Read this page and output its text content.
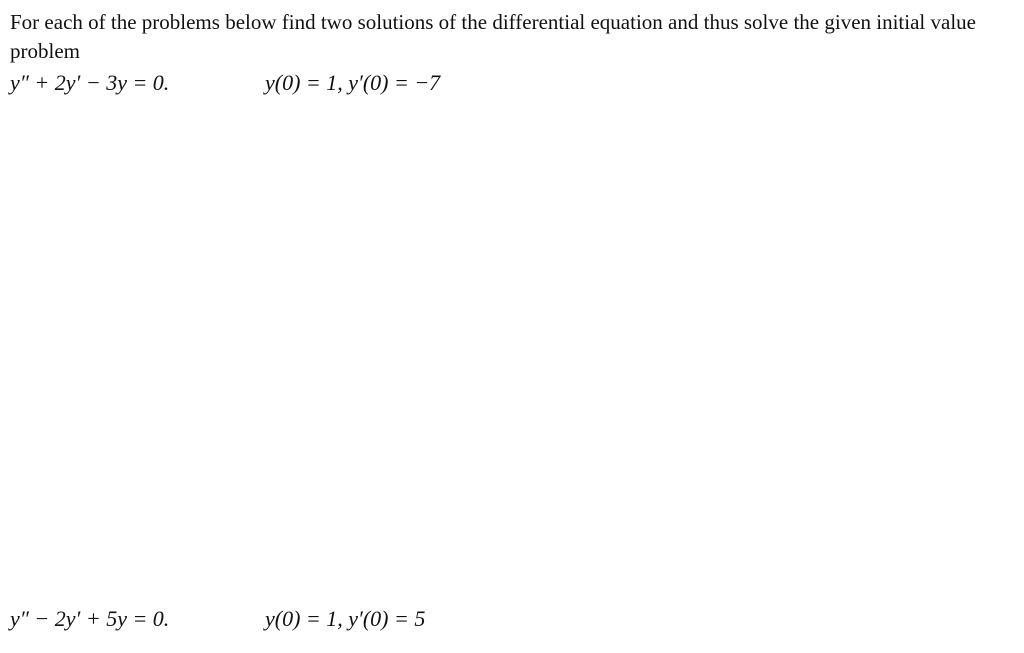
For each of the problems below find two solutions of the differential equation and thus solve the given initial value problem

y″ + 2y′ − 3y = 0.	y(0) = 1, y′(0) = −7
y″ − 2y′ + 5y = 0.	y(0) = 1, y′(0) = 5
